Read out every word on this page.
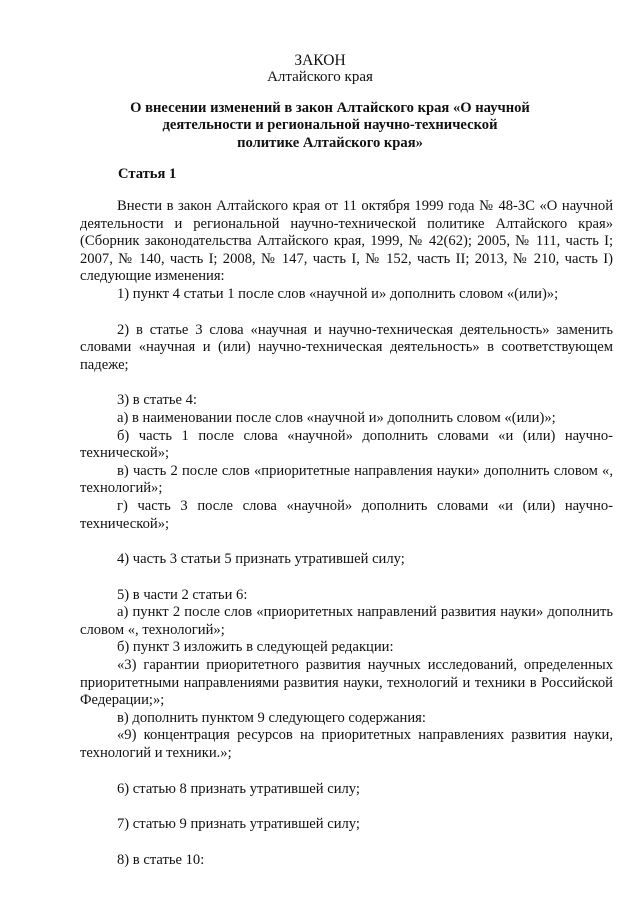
ЗАКОН
Алтайского края
О внесении изменений в закон Алтайского края «О научной
деятельности и региональной научно-технической
политике Алтайского края»
Статья 1

Внести в закон Алтайского края от 11 октября 1999 года № 48-ЗС «О научной деятельности и региональной научно-технической политике Алтайского края» (Сборник законодательства Алтайского края, 1999, № 42(62); 2005, № 111, часть I; 2007, № 140, часть I; 2008, № 147, часть I, № 152, часть II; 2013, № 210, часть I) следующие изменения:

1) пункт 4 статьи 1 после слов «научной и» дополнить словом «(или)»;

2) в статье 3 слова «научная и научно-техническая деятельность» заменить словами «научная и (или) научно-техническая деятельность» в соответствующем падеже;

3) в статье 4:

а) в наименовании после слов «научной и» дополнить словом «(или)»;

б) часть 1 после слова «научной» дополнить словами «и (или) научно-технической»;

в) часть 2 после слов «приоритетные направления науки» дополнить словом «, технологий»;

г) часть 3 после слова «научной» дополнить словами «и (или) научно-технической»;

4) часть 3 статьи 5 признать утратившей силу;

5) в части 2 статьи 6:

а) пункт 2 после слов «приоритетных направлений развития науки» дополнить словом «, технологий»;

б) пункт 3 изложить в следующей редакции:

«3) гарантии приоритетного развития научных исследований, определенных приоритетными направлениями развития науки, технологий и техники в Российской Федерации;»;

в) дополнить пунктом 9 следующего содержания:

«9) концентрация ресурсов на приоритетных направлениях развития науки, технологий и техники.»;

6) статью 8 признать утратившей силу;

7) статью 9 признать утратившей силу;

8) в статье 10:
